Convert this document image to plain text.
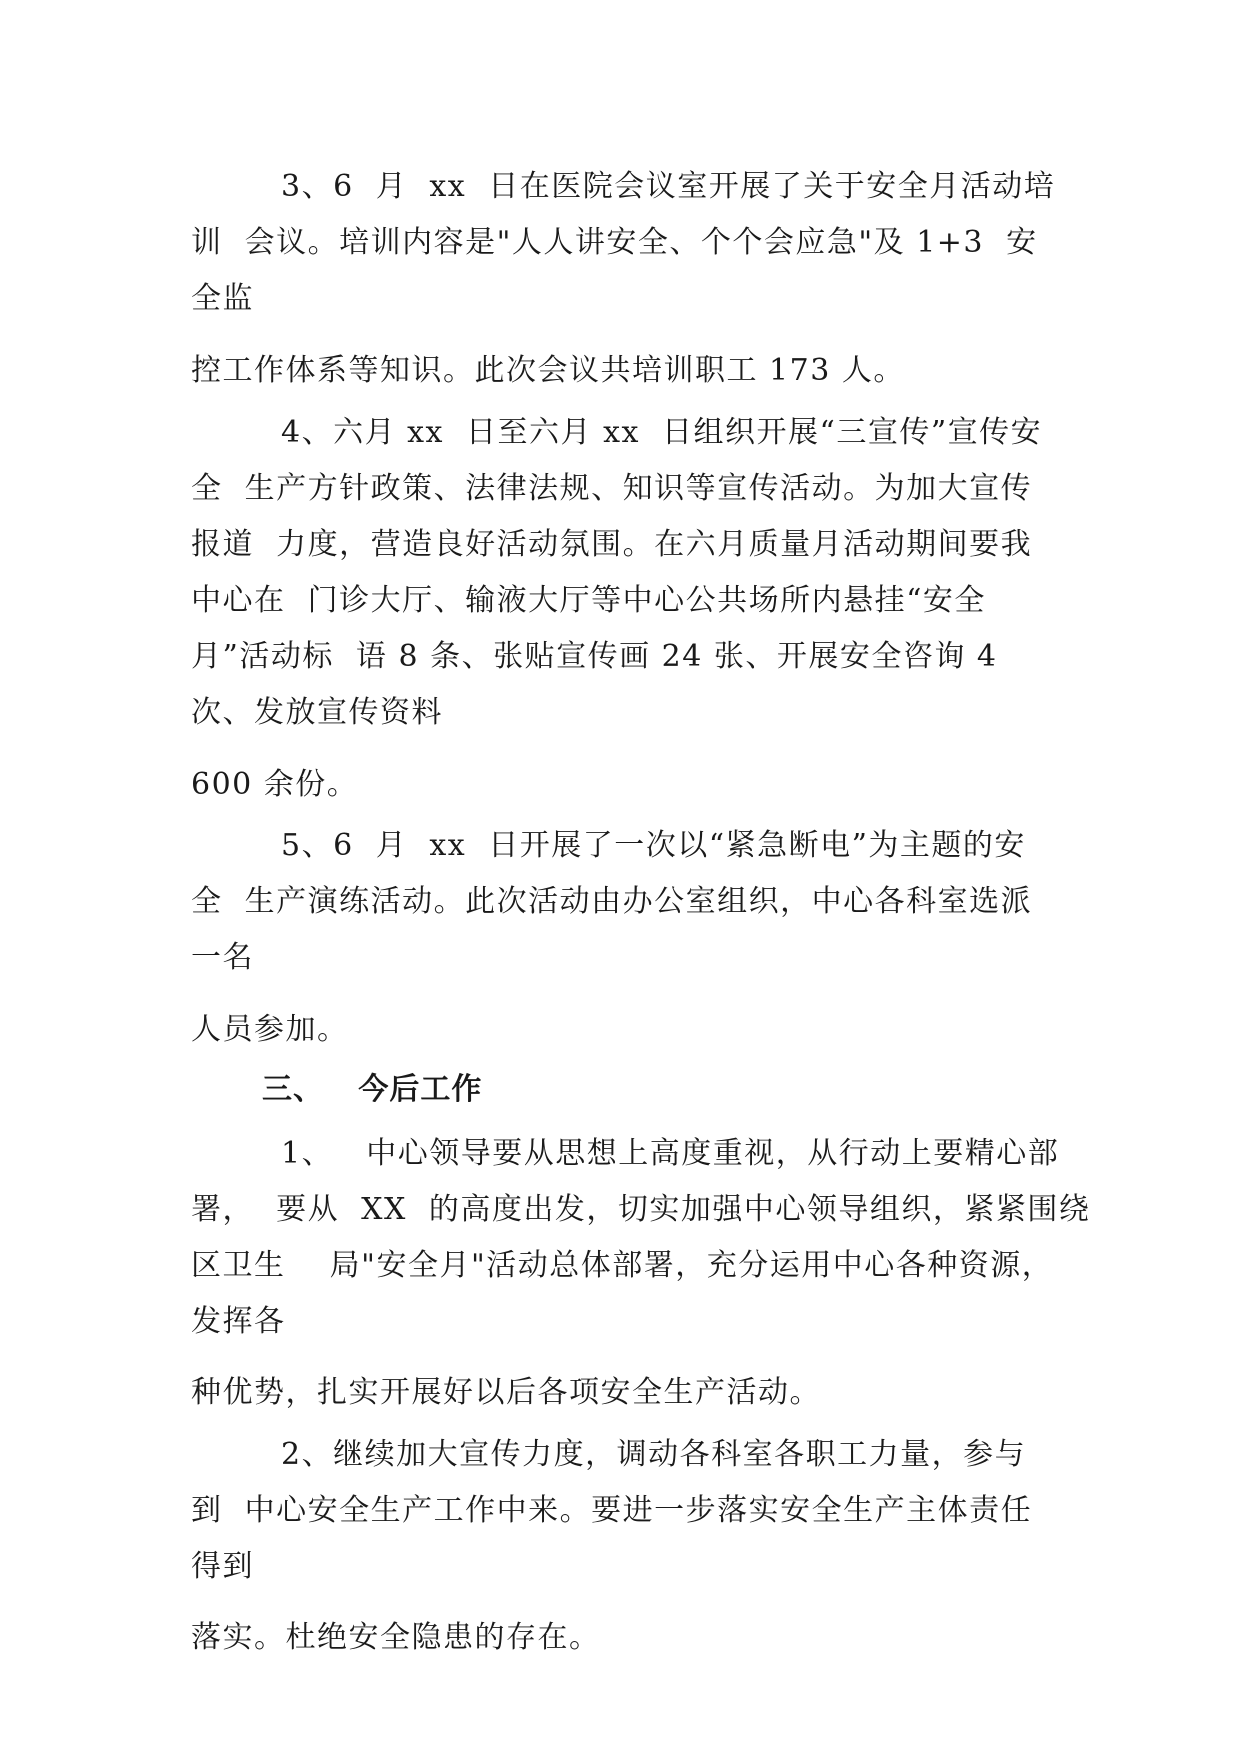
3、6  月  xx  日在医院会议室开展了关于安全月活动培
训  会议。培训内容是"人人讲安全、个个会应急"及 1+3  安
全监
控工作体系等知识。此次会议共培训职工 173 人。
4、六月 xx  日至六月 xx  日组织开展“三宣传”宣传安
全  生产方针政策、法律法规、知识等宣传活动。为加大宣传
报道  力度，营造良好活动氛围。在六月质量月活动期间要我
中心在  门诊大厅、输液大厅等中心公共场所内悬挂“安全
月”活动标  语 8 条、张贴宣传画 24 张、开展安全咨询 4
次、发放宣传资料
600 余份。
5、6  月  xx  日开展了一次以“紧急断电”为主题的安
全  生产演练活动。此次活动由办公室组织，中心各科室选派
一名
人员参加。
三、   今后工作
1、   中心领导要从思想上高度重视，从行动上要精心部
署，  要从  XX  的高度出发，切实加强中心领导组织，紧紧围绕
区卫生    局"安全月"活动总体部署，充分运用中心各种资源，
发挥各
种优势，扎实开展好以后各项安全生产活动。
2、继续加大宣传力度，调动各科室各职工力量，参与
到  中心安全生产工作中来。要进一步落实安全生产主体责任
得到
落实。杜绝安全隐患的存在。
